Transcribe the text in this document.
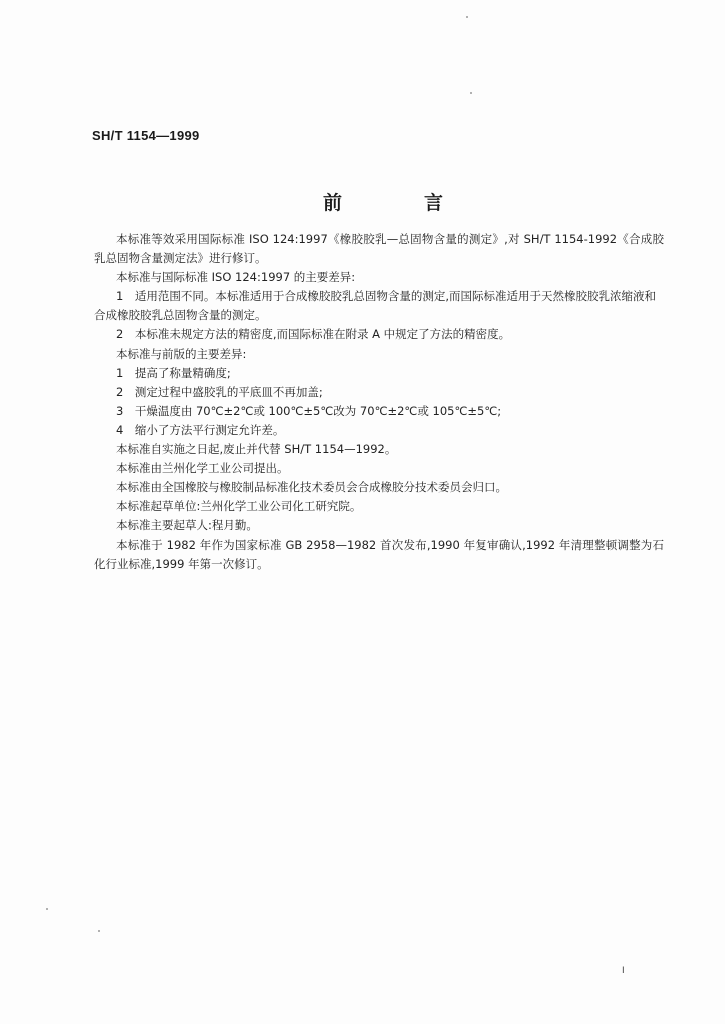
SH/T 1154—1999
前	言

本标准等效采用国际标准 ISO 124:1997《橡胶胶乳—总固物含量的测定》,对 SH/T 1154-1992《合成胶乳总固物含量测定法》进行修订。

本标准与国际标准 ISO 124:1997 的主要差异:

1　适用范围不同。本标准适用于合成橡胶胶乳总固物含量的测定,而国际标准适用于天然橡胶胶乳浓缩液和合成橡胶胶乳总固物含量的测定。

2　本标准未规定方法的精密度,而国际标准在附录 A 中规定了方法的精密度。

本标准与前版的主要差异:

1　提高了称量精确度;

2　测定过程中盛胶乳的平底皿不再加盖;

3　干燥温度由 70℃±2℃或 100℃±5℃改为 70℃±2℃或 105℃±5℃;

4　缩小了方法平行测定允许差。

本标准自实施之日起,废止并代替 SH/T 1154—1992。

本标准由兰州化学工业公司提出。

本标准由全国橡胶与橡胶制品标准化技术委员会合成橡胶分技术委员会归口。

本标准起草单位:兰州化学工业公司化工研究院。

本标准主要起草人:程月勤。

本标准于 1982 年作为国家标准 GB 2958—1982 首次发布,1990 年复审确认,1992 年清理整顿调整为石化行业标准,1999 年第一次修订。

I
